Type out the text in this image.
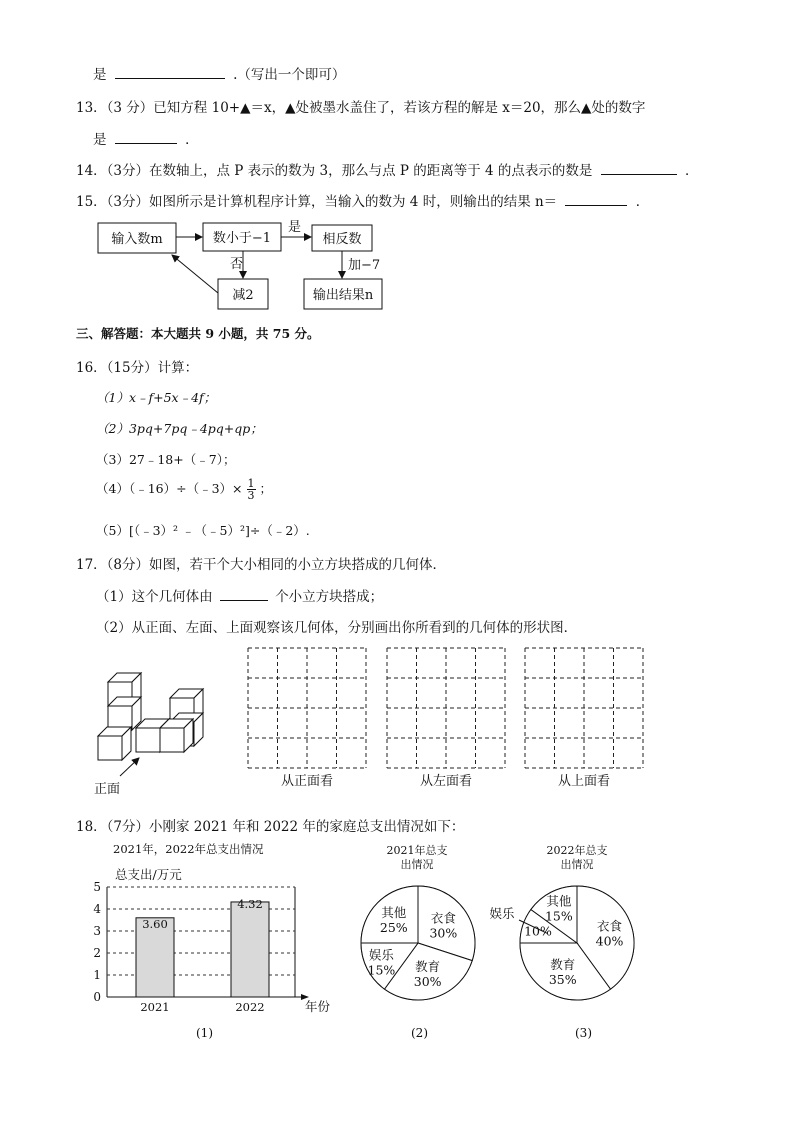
是	.（写出一个即可）
13．（3 分）已知方程 10+▲＝x，▲处被墨水盖住了，若该方程的解是 x＝20，那么▲处的数字
是	．
14．（3分）在数轴上，点 P 表示的数为 3，那么与点 P 的距离等于 4 的点表示的数是	．
15．（3分）如图所示是计算机程序计算，当输入的数为 4 时，则输出的结果 n＝	．
输入数m	数小于−1	相反数
减2	输出结果n
是
否	加−7
三、解答题：本大题共 9 小题，共 75 分。
16．（15分）计算：
（1）x﹣f+5x﹣4f；
（2）3pq+7pq﹣4pq+qp；
（3）27﹣18+（﹣7）；
（4）（﹣16）÷（﹣3）× $\frac{1}{3}$ ；
（5）[（﹣3）² ﹣（﹣5）²]÷（﹣2）.
17．（8分）如图，若干个大小相同的小立方块搭成的几何体．
（1）这个几何体由	个小立方块搭成；
（2）从正面、左面、上面观察该几何体，分别画出你所看到的几何体的形状图．
正面
从正面看	从左面看	从上面看
18．（7分）小刚家 2021 年和 2022 年的家庭总支出情况如下：
2021年，2022年总支出情况
总支出/万元
0
1
2
3
4
5
年份
3.60
2021
4.32
2022
2021年总支
出情况
衣食
30%
教育
30%
娱乐
15%
其他
25%
2022年总支
出情况
衣食
40%
教育
35%
娱乐
10%
其他
15%
(1)	(2)	(3)
